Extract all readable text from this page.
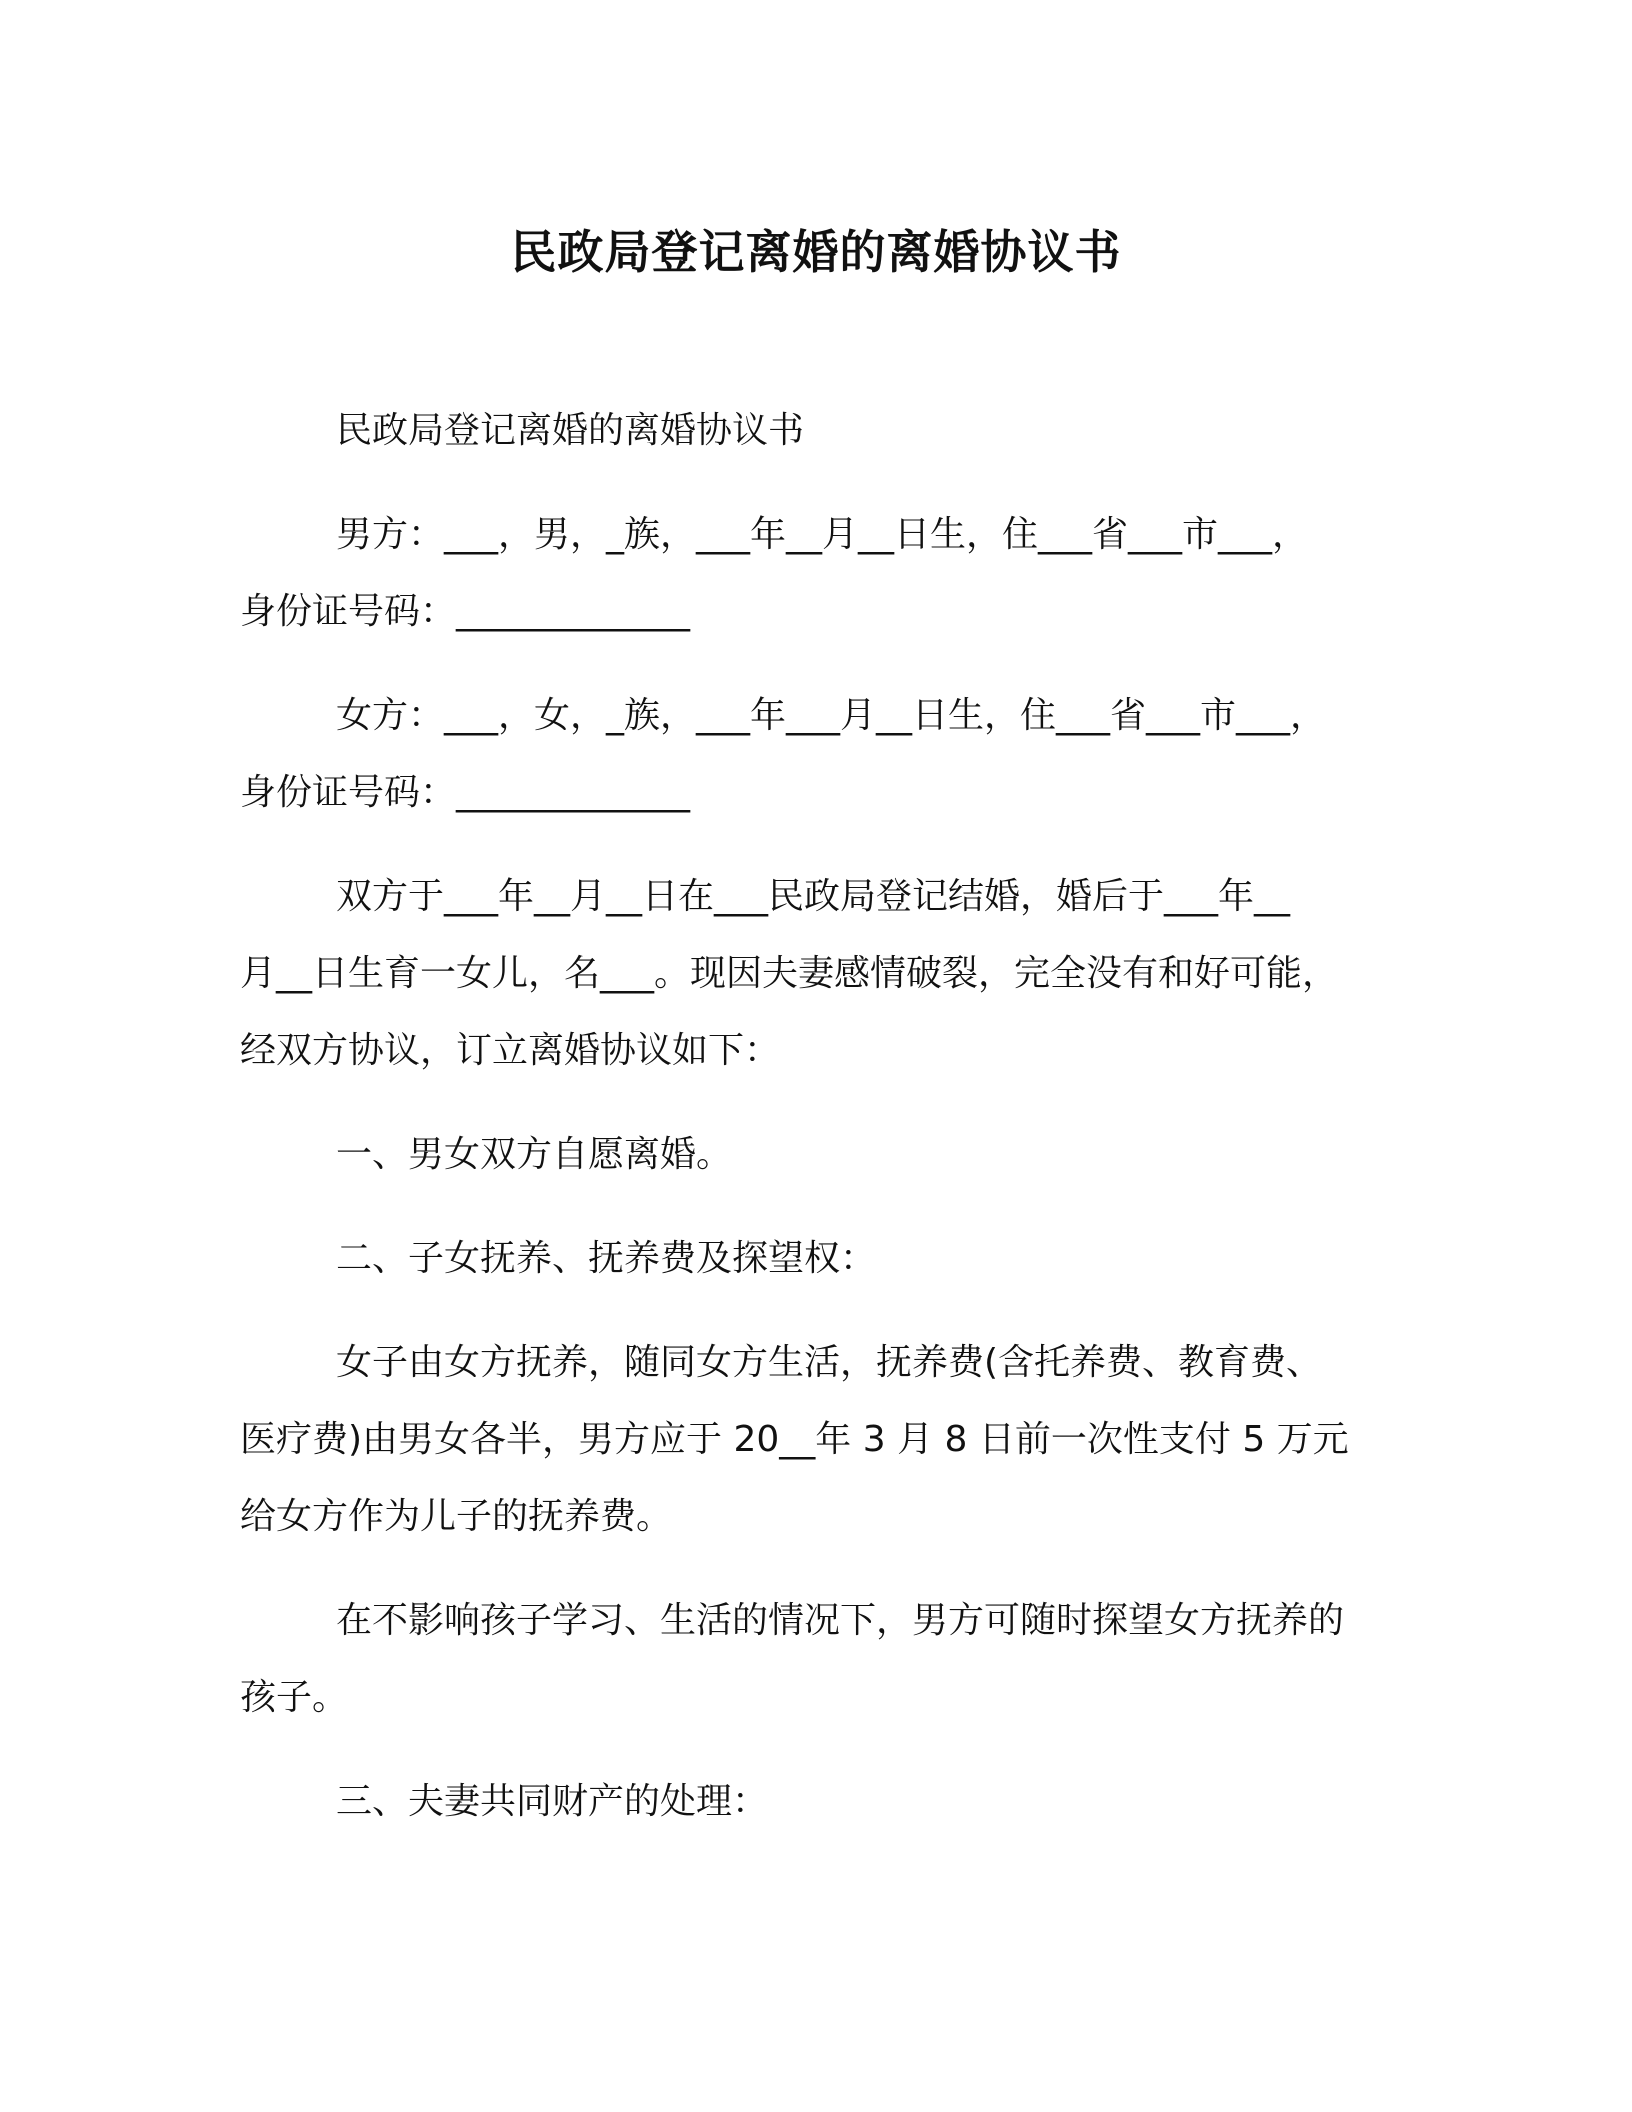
民政局登记离婚的离婚协议书

民政局登记离婚的离婚协议书

男方：___，男，_族，___年__月__日生，住___省___市___，
身份证号码：_____________

女方：___，女，_族，___年___月__日生，住___省___市___，
身份证号码：_____________

双方于___年__月__日在___民政局登记结婚，婚后于___年__
月__日生育一女儿，名___。现因夫妻感情破裂，完全没有和好可能，
经双方协议，订立离婚协议如下：

一、男女双方自愿离婚。

二、子女抚养、抚养费及探望权：

女子由女方抚养，随同女方生活，抚养费(含托养费、教育费、
医疗费)由男女各半，男方应于 20__年 3 月 8 日前一次性支付 5 万元
给女方作为儿子的抚养费。

在不影响孩子学习、生活的情况下，男方可随时探望女方抚养的
孩子。

三、夫妻共同财产的处理：
